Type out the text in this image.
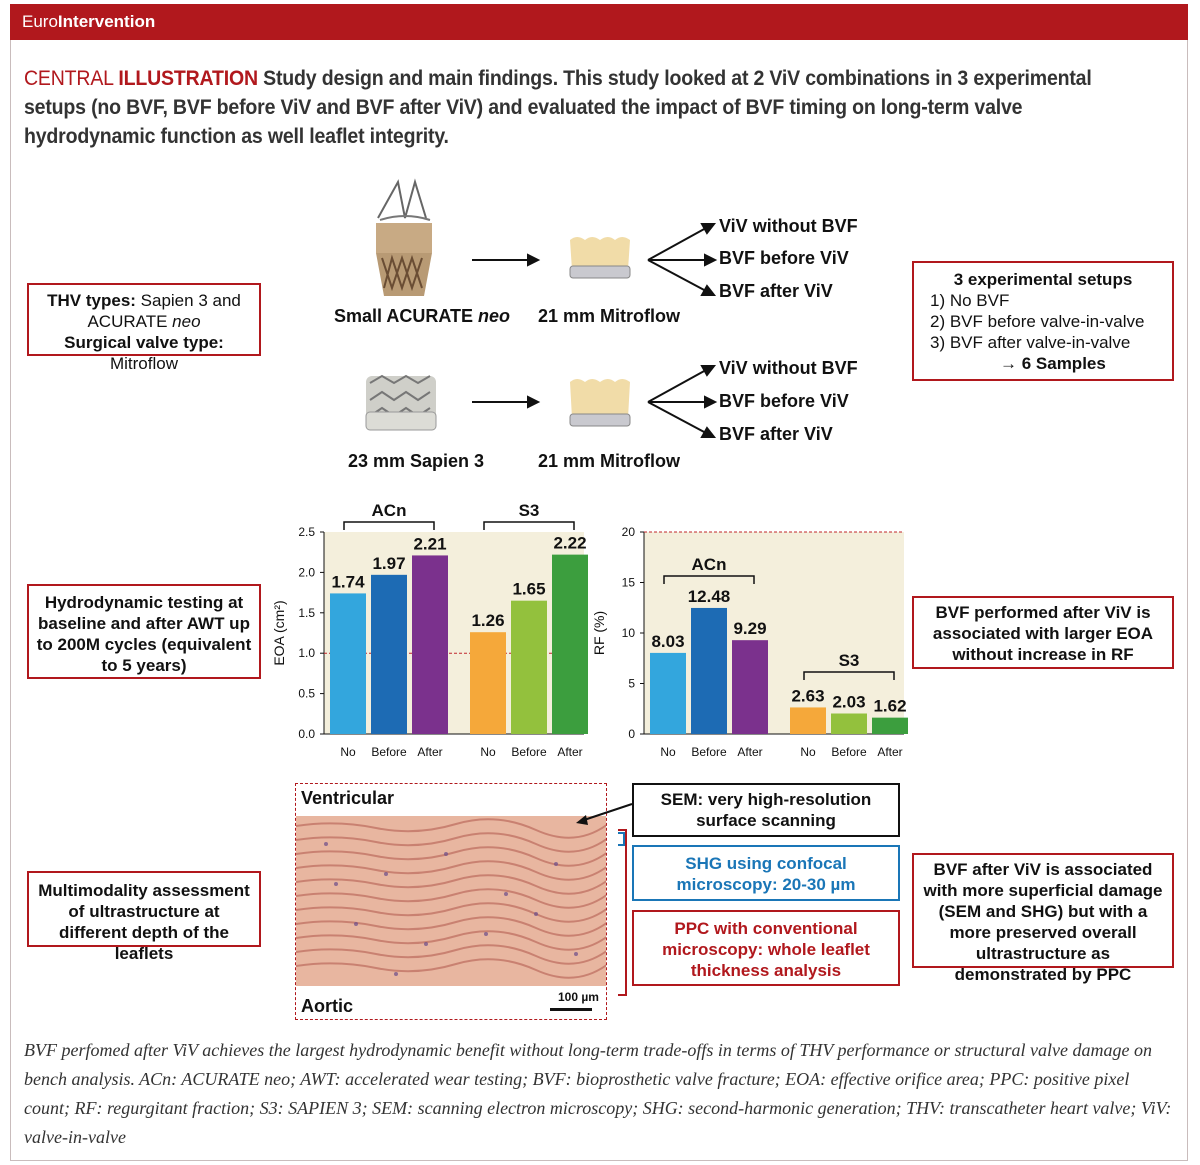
EuroIntervention
CENTRAL ILLUSTRATION Study design and main findings. This study looked at 2 ViV combinations in 3 experimental setups (no BVF, BVF before ViV and BVF after ViV) and evaluated the impact of BVF timing on long-term valve hydrodynamic function as well leaflet integrity.
THV types: Sapien 3 and
ACURATE neo
Surgical valve type: Mitroflow
Hydrodynamic testing at baseline and after AWT up to 200M cycles (equivalent to 5 years)
Multimodality assessment of ultrastructure at different depth of the leaflets
Small ACURATE neo 21 mm Mitroflow
23 mm Sapien 3	21 mm Mitroflow
ViV without BVF
BVF before ViV
BVF after ViV
ViV without BVF
BVF before ViV
BVF after ViV
3 experimental setups
1) No BVF
2) BVF before valve-in-valve
3) BVF after valve-in-valve
→ 6 Samples
BVF performed after ViV is associated with larger EOA without increase in RF
BVF after ViV is associated with more superficial damage (SEM and SHG) but with a more preserved overall ultrastructure as demonstrated by PPC
0.0
0.5
1.0
1.5
2.0
2.5
EOA (cm²)
1.74
No
1.97
Before
2.21
After
ACn
1.26
No
1.65
Before
2.22
After
S3
0
5
10
15
20
RF (%)	8.03
No
12.48
Before
9.29
After
ACn
2.63
No
2.03
Before
1.62
After
S3
Ventricular
Aortic	100 µm
SEM: very high-resolution surface scanning
SHG using confocal microscopy: 20-30 µm
PPC with conventional microscopy: whole leaflet thickness analysis
BVF perfomed after ViV achieves the largest hydrodynamic benefit without long-term trade-offs in terms of THV performance or structural valve damage on bench analysis. ACn: ACURATE neo; AWT: accelerated wear testing; BVF: bioprosthetic valve fracture; EOA: effective orifice area; PPC: positive pixel count; RF: regurgitant fraction; S3: SAPIEN 3; SEM: scanning electron microscopy; SHG: second-harmonic generation; THV: transcatheter heart valve; ViV: valve-in-valve
